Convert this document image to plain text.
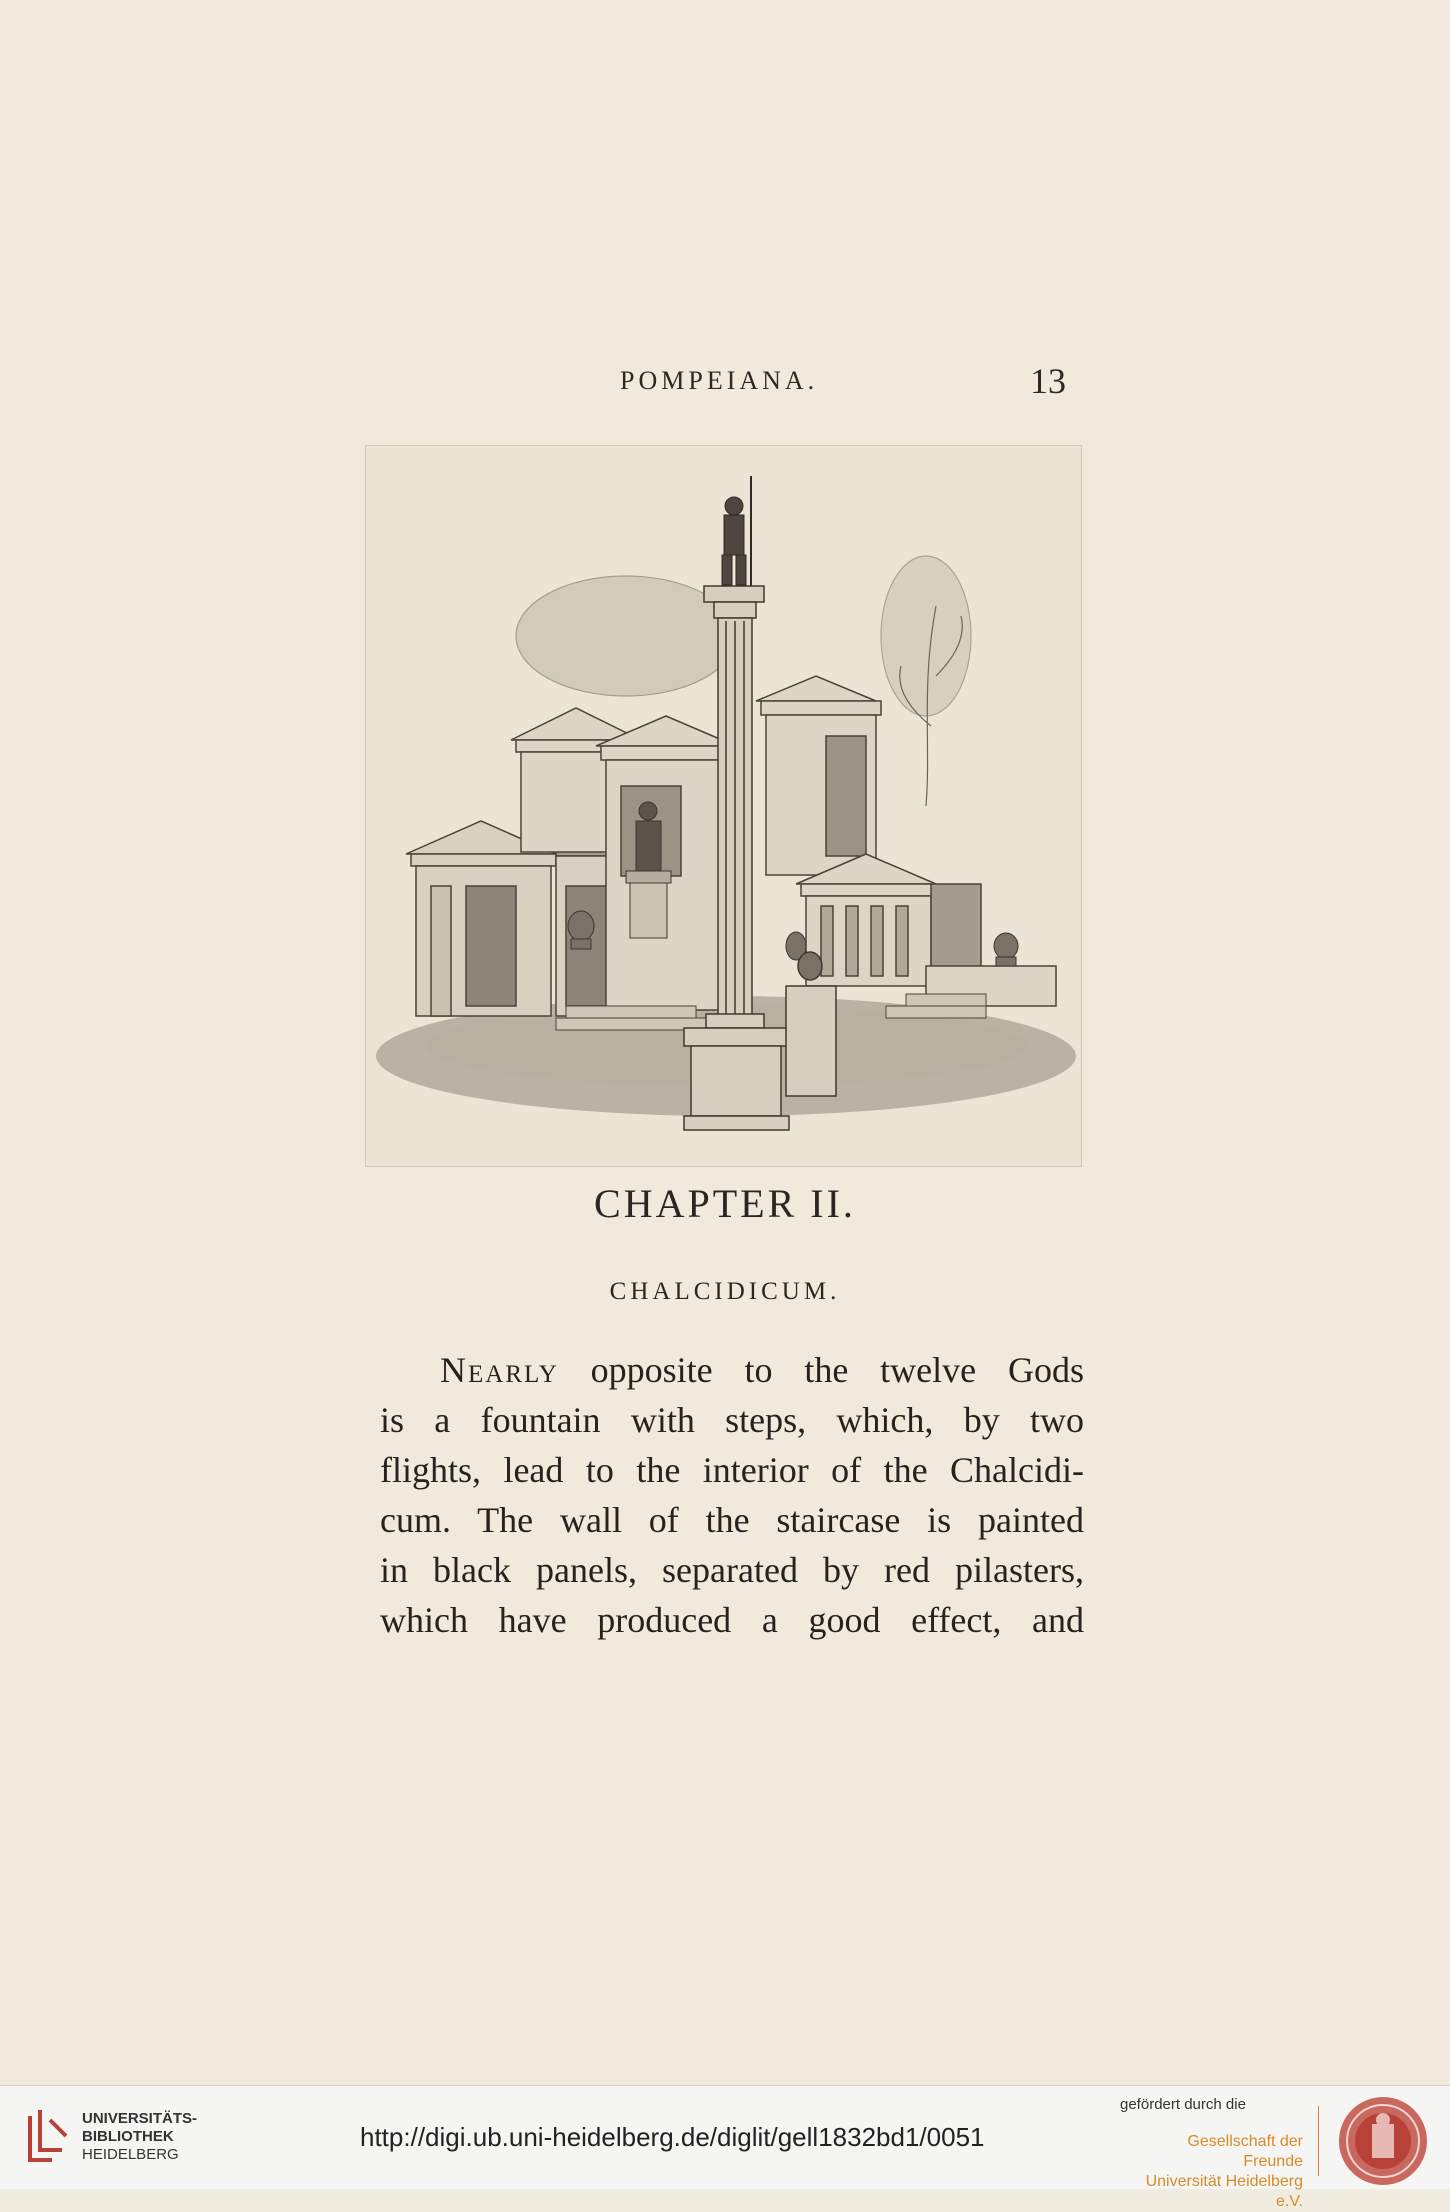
POMPEIANA.	13
CHAPTER II.
CHALCIDICUM.
Nearly opposite to the twelve Gods
is a fountain with steps, which, by two
flights, lead to the interior of the Chalcidi-
cum. The wall of the staircase is painted
in black panels, separated by red pilasters,
which have produced a good effect, and
UNIVERSITÄTS-
BIBLIOTHEK
HEIDELBERG
http://digi.ub.uni-heidelberg.de/diglit/gell1832bd1/0051
gefördert durch die
Gesellschaft der Freunde
Universität Heidelberg e.V.
